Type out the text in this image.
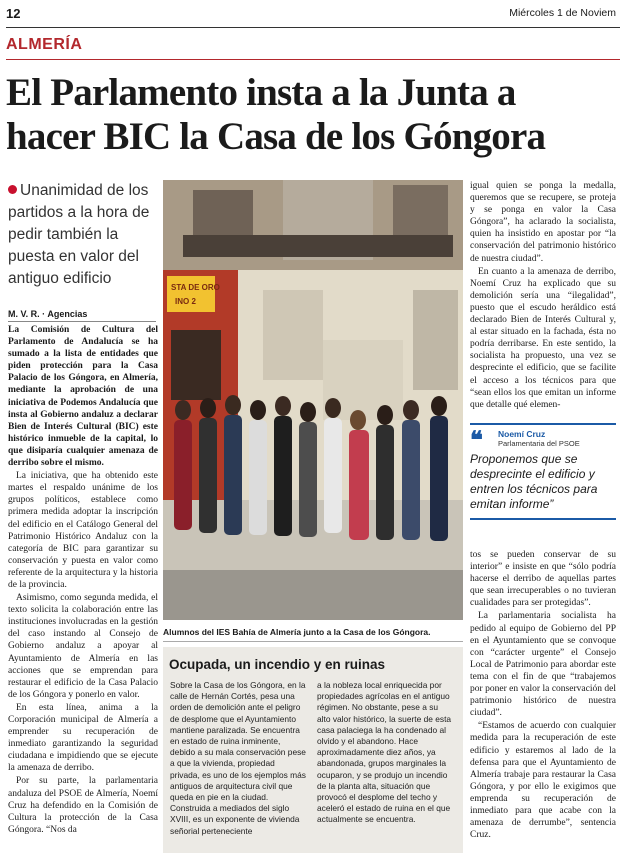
12	Miércoles 1 de Noviem
ALMERÍA
El Parlamento insta a la Junta a
hacer BIC la Casa de los Góngora
Unanimidad de los partidos a la hora de pedir también la puesta en valor del antiguo edificio
M. V. R. · Agencias

La Comisión de Cultura del Parlamento de Andalucía se ha sumado a la lista de entidades que piden protección para la Casa Palacio de los Góngora, en Almería, mediante la aprobación de una iniciativa de Podemos Andalucía que insta al Gobierno andaluz a declarar Bien de Interés Cultural (BIC) este histórico inmueble de la capital, lo que disiparía cualquier amenaza de derribo sobre el mismo.

La iniciativa, que ha obtenido este martes el respaldo unánime de los grupos políticos, establece como primera medida adoptar la inscripción del edificio en el Catálogo General del Patrimonio Histórico Andaluz con la categoría de BIC para garantizar su conservación y puesta en valor como referente de la arquitectura y la historia de la provincia.

Asimismo, como segunda medida, el texto solicita la colaboración entre las instituciones involucradas en la gestión del caso instando al Consejo de Gobierno andaluz a apoyar al Ayuntamiento de Almería en las acciones que se emprendan para restaurar el edificio de la Casa Palacio de los Góngora y ponerlo en valor.

En esta línea, anima a la Corporación municipal de Almería a emprender su recuperación de inmediato garantizando la seguridad ciudadana e impidiendo que se ejecute la amenaza de derribo.

Por su parte, la parlamentaria andaluza del PSOE de Almería, Noemí Cruz ha defendido en la Comisión de Cultura la protección de la Casa Góngora. “Nos da

STA DE ORO
INO 2
Alumnos del IES Bahía de Almería junto a la Casa de los Góngora.
Ocupada, un incendio y en ruinas
Sobre la Casa de los Góngora, en la calle de Hernán Cortés, pesa una orden de demolición ante el peligro de desplome que el Ayuntamiento mantiene paralizada. Se encuentra en estado de ruina inminente, debido a su mala conservación pese a que la vivienda, propiedad privada, es uno de los ejemplos más antiguos de arquitectura civil que queda en pie en la ciudad. Construida a mediados del siglo XVIII, es un exponente de vivienda señorial perteneciente
a la nobleza local enriquecida por propiedades agrícolas en el antiguo régimen. No obstante, pese a su alto valor histórico, la suerte de esta casa palaciega la ha condenado al olvido y el abandono. Hace aproximadamente diez años, ya abandonada, grupos marginales la ocuparon, y se produjo un incendio de la planta alta, situación que provocó el desplome del techo y aceleró el estado de ruina en el que actualmente se encuentra.

igual quien se ponga la medalla, queremos que se recupere, se proteja y se ponga en valor la Casa Góngora”, ha aclarado la socialista, quien ha insistido en apostar por “la conservación del patrimonio histórico de nuestra ciudad”.

En cuanto a la amenaza de derribo, Noemí Cruz ha explicado que su demolición sería una “ilegalidad”, puesto que el escudo heráldico está declarado Bien de Interés Cultural y, al estar situado en la fachada, ésta no podría derribarse. En este sentido, la socialista ha propuesto, una vez se desprecinte el edificio, que se facilite el acceso a los técnicos para que “sean ellos los que emitan un informe que detalle qué elemen-

❝ Noemí Cruz
Parlamentaria del PSOE
Proponemos que se desprecinte el edificio y entren los técnicos para emitan informe”

tos se pueden conservar de su interior” e insiste en que “sólo podría hacerse el derribo de aquellas partes que sean irrecuperables o no tuvieran cualidades para ser protegidas”.

La parlamentaria socialista ha pedido al equipo de Gobierno del PP en el Ayuntamiento que se convoque con “carácter urgente” el Consejo Local de Patrimonio para abordar este tema con el fin de que “trabajemos por poner en valor la conservación del patrimonio histórico de nuestra ciudad”.

“Estamos de acuerdo con cualquier medida para la recuperación de este edificio y estaremos al lado de la defensa para que el Ayuntamiento de Almería trabaje para restaurar la Casa Góngora, y por ello le exigimos que emprenda su recuperación de inmediato para que acabe con la amenaza de derrumbe”, sentencia Cruz.
